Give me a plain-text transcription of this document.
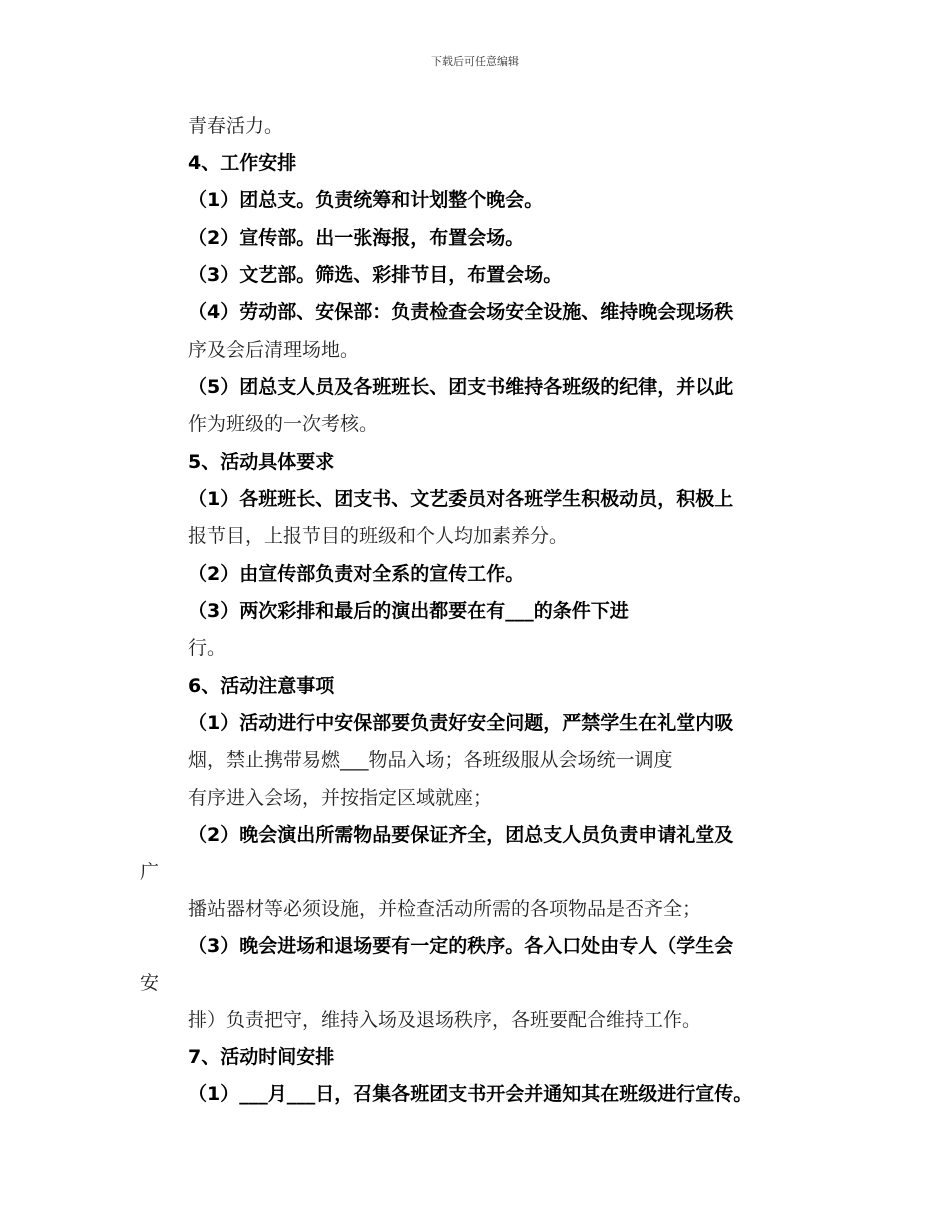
下载后可任意编辑
青春活力。
4、工作安排
（1）团总支。负责统筹和计划整个晚会。
（2）宣传部。出一张海报，布置会场。
（3）文艺部。筛选、彩排节目，布置会场。
（4）劳动部、安保部：负责检查会场安全设施、维持晚会现场秩
序及会后清理场地。
（5）团总支人员及各班班长、团支书维持各班级的纪律，并以此
作为班级的一次考核。
5、活动具体要求
（1）各班班长、团支书、文艺委员对各班学生积极动员，积极上
报节目，上报节目的班级和个人均加素养分。
（2）由宣传部负责对全系的宣传工作。
（3）两次彩排和最后的演出都要在有___的条件下进
行。
6、活动注意事项
（1）活动进行中安保部要负责好安全问题，严禁学生在礼堂内吸
烟，禁止携带易燃___物品入场；各班级服从会场统一调度
有序进入会场，并按指定区域就座；
（2）晚会演出所需物品要保证齐全，团总支人员负责申请礼堂及
广
播站器材等必须设施，并检查活动所需的各项物品是否齐全；
（3）晚会进场和退场要有一定的秩序。各入口处由专人（学生会
安
排）负责把守，维持入场及退场秩序，各班要配合维持工作。
7、活动时间安排
（1）___月___日，召集各班团支书开会并通知其在班级进行宣传。
